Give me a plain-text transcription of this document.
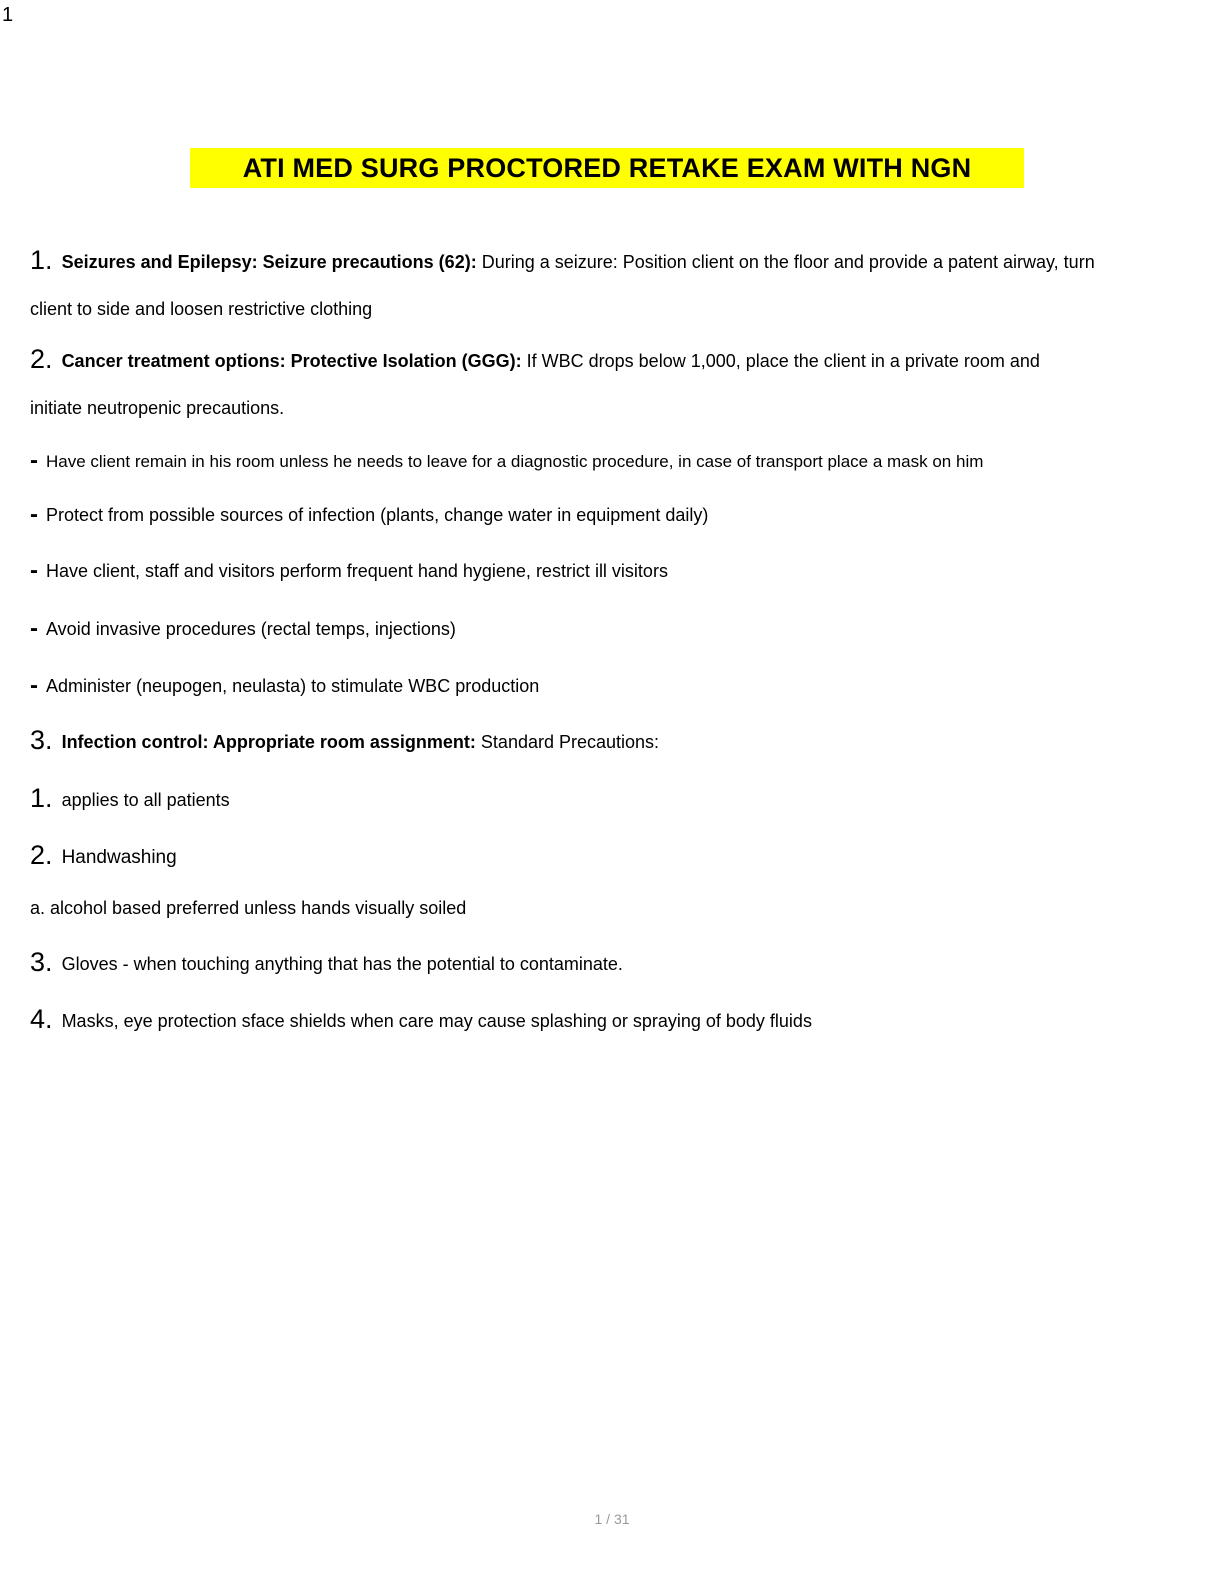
1
ATI MED SURG PROCTORED RETAKE EXAM WITH NGN
1. Seizures and Epilepsy: Seizure precautions (62): During a seizure: Position client on the floor and provide a patent airway, turn
client to side and loosen restrictive clothing
2. Cancer treatment options: Protective Isolation (GGG): If WBC drops below 1,000, place the client in a private room and
initiate neutropenic precautions.
- Have client remain in his room unless he needs to leave for a diagnostic procedure, in case of transport place a mask on him
- Protect from possible sources of infection (plants, change water in equipment daily)
- Have client, staff and visitors perform frequent hand hygiene, restrict ill visitors
- Avoid invasive procedures (rectal temps, injections)
- Administer (neupogen, neulasta) to stimulate WBC production
3. Infection control: Appropriate room assignment: Standard Precautions:
1. applies to all patients
2. Handwashing
a. alcohol based preferred unless hands visually soiled
3. Gloves - when touching anything that has the potential to contaminate.
4. Masks, eye protection sface shields when care may cause splashing or spraying of body fluids
1 / 31
